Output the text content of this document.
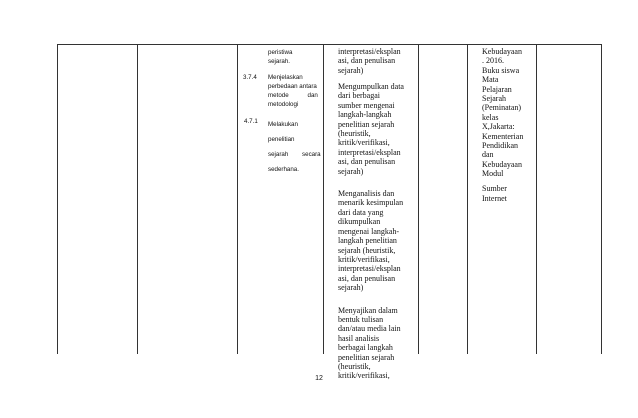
peristiwa
sejarah.
3.7.4 Menjelaskan
perbedaan antara
metode           dan
metodologi
4.7.1 Melakukan
penelitian
sejarah        secara
sederhana.
interpretasi/eksplan
asi, dan penulisan
sejarah)
Mengumpulkan data
dari berbagai
sumber mengenai
langkah-langkah
penelitian sejarah
(heuristik,
kritik/verifikasi,
interpretasi/eksplan
asi, dan penulisan
sejarah)
Menganalisis dan
menarik kesimpulan
dari data yang
dikumpulkan
mengenai langkah-
langkah penelitian
sejarah (heuristik,
kritik/verifikasi,
interpretasi/eksplan
asi, dan penulisan
sejarah)
Menyajikan dalam
bentuk tulisan
dan/atau media lain
hasil analisis
berbagai langkah
penelitian sejarah
(heuristik,
kritik/verifikasi,
Kebudayaan
. 2016.
Buku siswa
Mata
Pelajaran
Sejarah
(Peminatan)
kelas
X,Jakarta:
Kementerian
Pendidikan
dan
Kebudayaan
Modul
Sumber
Internet
12
